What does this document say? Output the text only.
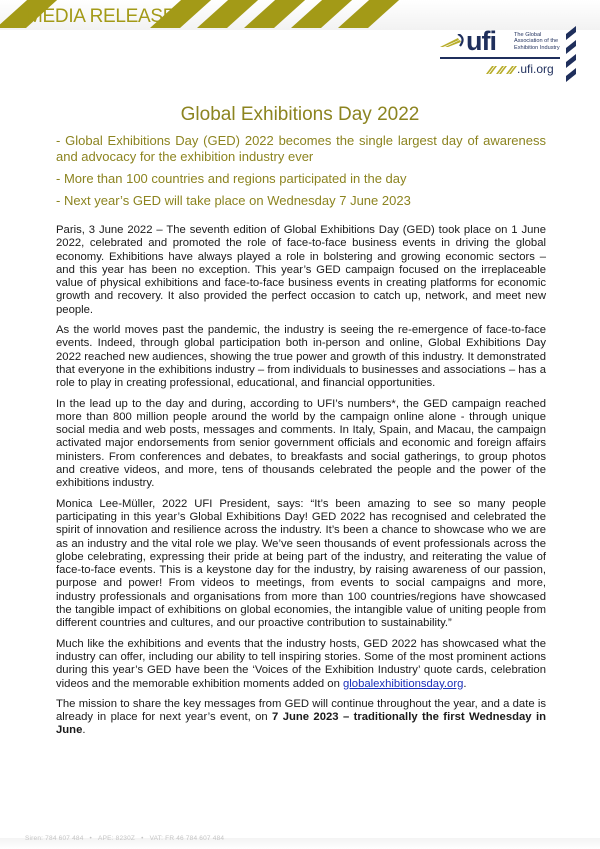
MEDIA RELEASE
ufi	The Global
Association of the
Exhibition Industry
.ufi.org
Global Exhibitions Day 2022

- Global Exhibitions Day (GED) 2022 becomes the single largest day of awareness and advocacy for the exhibition industry ever

- More than 100 countries and regions participated in the day

- Next year’s GED will take place on Wednesday 7 June 2023

Paris, 3 June 2022 – The seventh edition of Global Exhibitions Day (GED) took place on 1 June 2022, celebrated and promoted the role of face-to-face business events in driving the global economy. Exhibitions have always played a role in bolstering and growing economic sectors – and this year has been no exception. This year’s GED campaign focused on the irreplaceable value of physical exhibitions and face-to-face business events in creating platforms for economic growth and recovery. It also provided the perfect occasion to catch up, network, and meet new people.

As the world moves past the pandemic, the industry is seeing the re-emergence of face-to-face events. Indeed, through global participation both in-person and online, Global Exhibitions Day 2022 reached new audiences, showing the true power and growth of this industry. It demonstrated that everyone in the exhibitions industry – from individuals to businesses and associations – has a role to play in creating professional, educational, and financial opportunities.

In the lead up to the day and during, according to UFI’s numbers*, the GED campaign reached more than 800 million people around the world by the campaign online alone - through unique social media and web posts, messages and comments. In Italy, Spain, and Macau, the campaign activated major endorsements from senior government officials and economic and foreign affairs ministers. From conferences and debates, to breakfasts and social gatherings, to group photos and creative videos, and more, tens of thousands celebrated the people and the power of the exhibitions industry.

Monica Lee-Müller, 2022 UFI President, says: “It’s been amazing to see so many people participating in this year’s Global Exhibitions Day! GED 2022 has recognised and celebrated the spirit of innovation and resilience across the industry. It’s been a chance to showcase who we are as an industry and the vital role we play. We’ve seen thousands of event professionals across the globe celebrating, expressing their pride at being part of the industry, and reiterating the value of face-to-face events. This is a keystone day for the industry, by raising awareness of our passion, purpose and power! From videos to meetings, from events to social campaigns and more, industry professionals and organisations from more than 100 countries/regions have showcased the tangible impact of exhibitions on global economies, the intangible value of uniting people from different countries and cultures, and our proactive contribution to sustainability.”

Much like the exhibitions and events that the industry hosts, GED 2022 has showcased what the industry can offer, including our ability to tell inspiring stories. Some of the most prominent actions during this year’s GED have been the ‘Voices of the Exhibition Industry’ quote cards, celebration videos and the memorable exhibition moments added on globalexhibitionsday.org.

The mission to share the key messages from GED will continue throughout the year, and a date is already in place for next year’s event, on 7 June 2023 – traditionally the first Wednesday in June.

Siren: 784 607 484 • APE: 8230Z • VAT: FR 46 784 607 484
